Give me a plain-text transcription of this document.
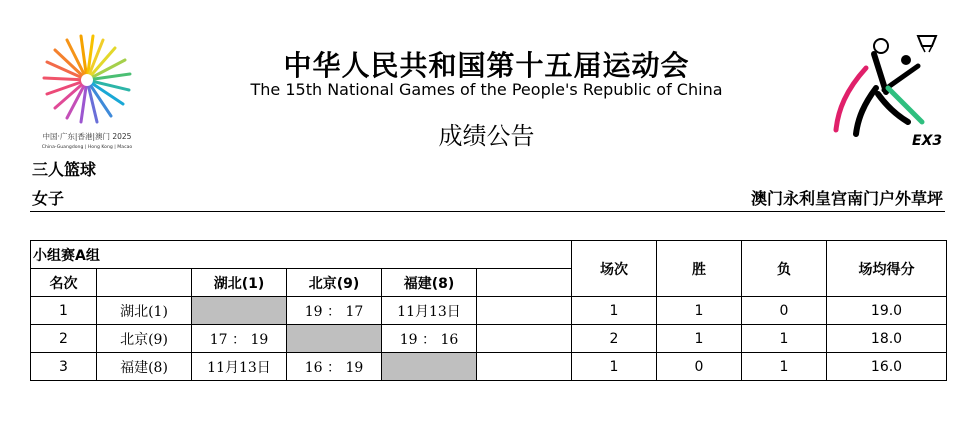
中国·广东|香港|澳门 2025
China-Guangdong | Hong Kong | Macao
中华人民共和国第十五届运动会
The 15th National Games of the People's Republic of China
成绩公告	EX3
三人篮球
女子	澳门永利皇宫南门户外草坪
小组赛A组						场次	胜	负	场均得分
名次		湖北(1)	北京(9)	福建(8)					
1	湖北(1)		19 ： 17	11月13日		1	1	0	19.0
2	北京(9)	17 ： 19		19 ： 16		2	1	1	18.0
3	福建(8)	11月13日	16 ： 19			1	0	1	16.0
